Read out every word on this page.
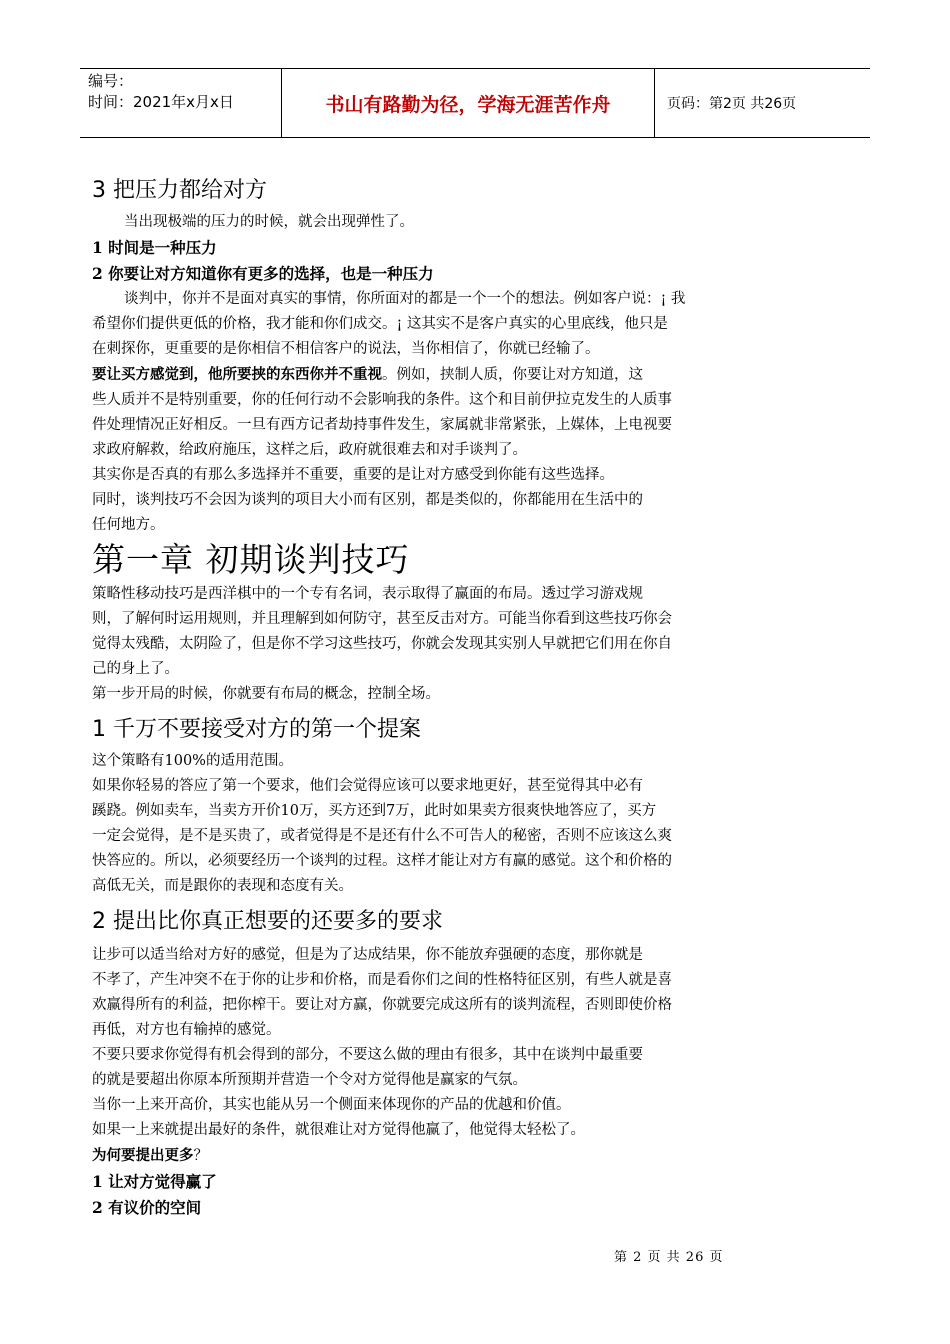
编号：
时间：2021年x月x日	书山有路勤为径，学海无涯苦作舟	页码：第2页 共26页
3 把压力都给对方

当出现极端的压力的时候，就会出现弹性了。

1 时间是一种压力

2 你要让对方知道你有更多的选择，也是一种压力

谈判中，你并不是面对真实的事情，你所面对的都是一个一个的想法。例如客户说：¡ 我

希望你们提供更低的价格，我才能和你们成交。¡ 这其实不是客户真实的心里底线，他只是

在刺探你，更重要的是你相信不相信客户的说法，当你相信了，你就已经输了。

要让买方感觉到，他所要挟的东西你并不重视。例如，挟制人质，你要让对方知道，这

些人质并不是特别重要，你的任何行动不会影响我的条件。这个和目前伊拉克发生的人质事

件处理情况正好相反。一旦有西方记者劫持事件发生，家属就非常紧张，上媒体，上电视要

求政府解救，给政府施压，这样之后，政府就很难去和对手谈判了。

其实你是否真的有那么多选择并不重要，重要的是让对方感受到你能有这些选择。

同时，谈判技巧不会因为谈判的项目大小而有区别，都是类似的，你都能用在生活中的

任何地方。

第一章 初期谈判技巧

策略性移动技巧是西洋棋中的一个专有名词，表示取得了赢面的布局。透过学习游戏规

则，了解何时运用规则，并且理解到如何防守，甚至反击对方。可能当你看到这些技巧你会

觉得太残酷，太阴险了，但是你不学习这些技巧，你就会发现其实别人早就把它们用在你自

己的身上了。

第一步开局的时候，你就要有布局的概念，控制全场。

1 千万不要接受对方的第一个提案

这个策略有100%的适用范围。

如果你轻易的答应了第一个要求，他们会觉得应该可以要求地更好，甚至觉得其中必有

蹊跷。例如卖车，当卖方开价10万，买方还到7万，此时如果卖方很爽快地答应了，买方

一定会觉得，是不是买贵了，或者觉得是不是还有什么不可告人的秘密，否则不应该这么爽

快答应的。所以，必须要经历一个谈判的过程。这样才能让对方有赢的感觉。这个和价格的

高低无关，而是跟你的表现和态度有关。

2 提出比你真正想要的还要多的要求

让步可以适当给对方好的感觉，但是为了达成结果，你不能放弃强硬的态度，那你就是

不孝了，产生冲突不在于你的让步和价格，而是看你们之间的性格特征区别，有些人就是喜

欢赢得所有的利益，把你榨干。要让对方赢，你就要完成这所有的谈判流程，否则即使价格

再低，对方也有输掉的感觉。

不要只要求你觉得有机会得到的部分，不要这么做的理由有很多，其中在谈判中最重要

的就是要超出你原本所预期并营造一个令对方觉得他是赢家的气氛。

当你一上来开高价，其实也能从另一个侧面来体现你的产品的优越和价值。

如果一上来就提出最好的条件，就很难让对方觉得他赢了，他觉得太轻松了。

为何要提出更多？

1 让对方觉得赢了

2 有议价的空间

第 2 页 共 26 页
